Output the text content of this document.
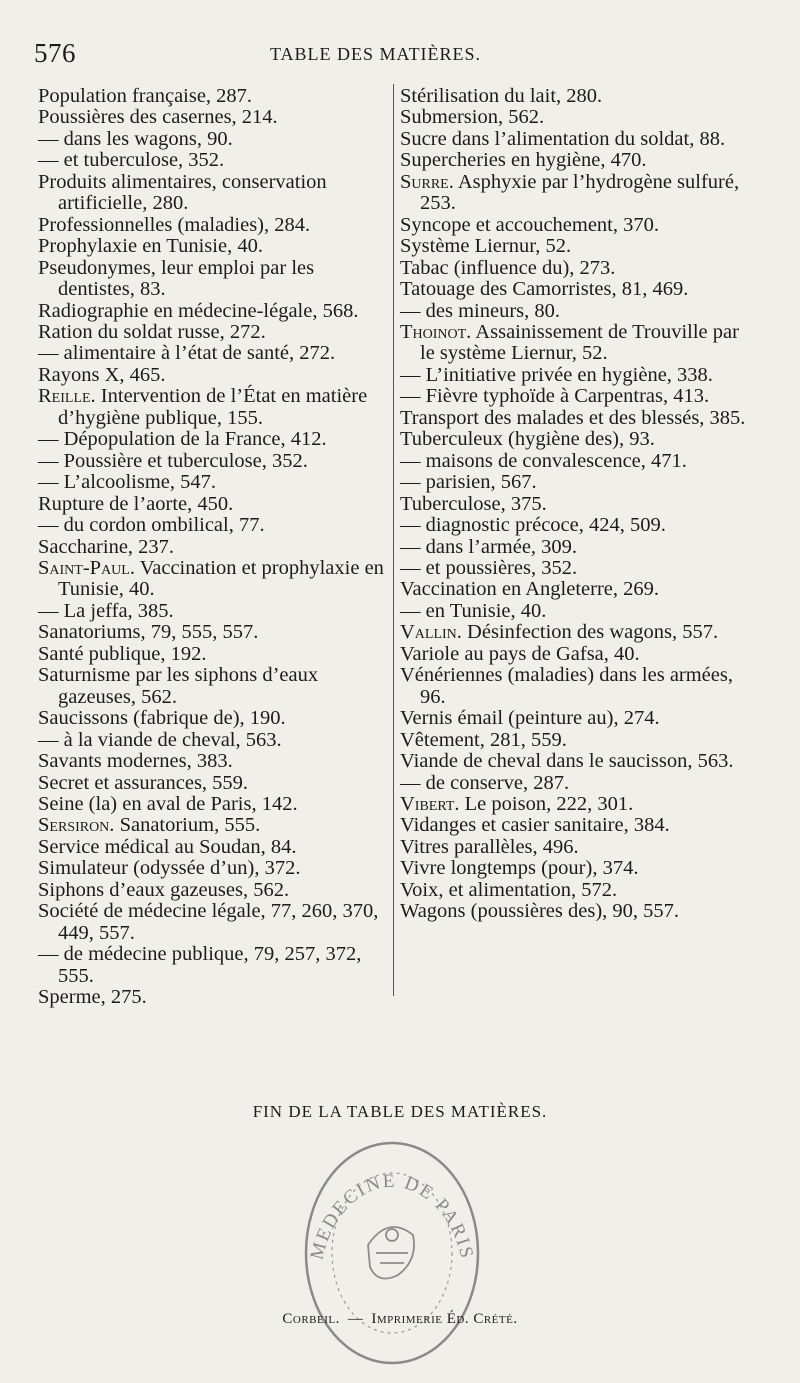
576	TABLE DES MATIÈRES.
Population française, 287.
Poussières des casernes, 214.
— dans les wagons, 90.
— et tuberculose, 352.
Produits alimentaires, conservation artificielle, 280.
Professionnelles (maladies), 284.
Prophylaxie en Tunisie, 40.
Pseudonymes, leur emploi par les dentistes, 83.
Radiographie en médecine-légale, 568.
Ration du soldat russe, 272.
— alimentaire à l’état de santé, 272.
Rayons X, 465.
Reille. Intervention de l’État en matière d’hygiène publique, 155.
— Dépopulation de la France, 412.
— Poussière et tuberculose, 352.
— L’alcoolisme, 547.
Rupture de l’aorte, 450.
— du cordon ombilical, 77.
Saccharine, 237.
Saint-Paul. Vaccination et prophylaxie en Tunisie, 40.
— La jeffa, 385.
Sanatoriums, 79, 555, 557.
Santé publique, 192.
Saturnisme par les siphons d’eaux gazeuses, 562.
Saucissons (fabrique de), 190.
— à la viande de cheval, 563.
Savants modernes, 383.
Secret et assurances, 559.
Seine (la) en aval de Paris, 142.
Sersiron. Sanatorium, 555.
Service médical au Soudan, 84.
Simulateur (odyssée d’un), 372.
Siphons d’eaux gazeuses, 562.
Société de médecine légale, 77, 260, 370, 449, 557.
— de médecine publique, 79, 257, 372, 555.
Sperme, 275.
Stérilisation du lait, 280.
Submersion, 562.
Sucre dans l’alimentation du soldat, 88.
Supercheries en hygiène, 470.
Surre. Asphyxie par l’hydrogène sulfuré, 253.
Syncope et accouchement, 370.
Système Liernur, 52.
Tabac (influence du), 273.
Tatouage des Camorristes, 81, 469.
— des mineurs, 80.
Thoinot. Assainissement de Trouville par le système Liernur, 52.
— L’initiative privée en hygiène, 338.
— Fièvre typhoïde à Carpentras, 413.
Transport des malades et des blessés, 385.
Tuberculeux (hygiène des), 93.
— maisons de convalescence, 471.
— parisien, 567.
Tuberculose, 375.
— diagnostic précoce, 424, 509.
— dans l’armée, 309.
— et poussières, 352.
Vaccination en Angleterre, 269.
— en Tunisie, 40.
Vallin. Désinfection des wagons, 557.
Variole au pays de Gafsa, 40.
Vénériennes (maladies) dans les armées, 96.
Vernis émail (peinture au), 274.
Vêtement, 281, 559.
Viande de cheval dans le saucisson, 563.
— de conserve, 287.
Vibert. Le poison, 222, 301.
Vidanges et casier sanitaire, 384.
Vitres parallèles, 496.
Vivre longtemps (pour), 374.
Voix, et alimentation, 572.
Wagons (poussières des), 90, 557.
FIN DE LA TABLE DES MATIÈRES.
MEDECINE DE PARIS
Corbeil. — Imprimerie Éd. Crété.
